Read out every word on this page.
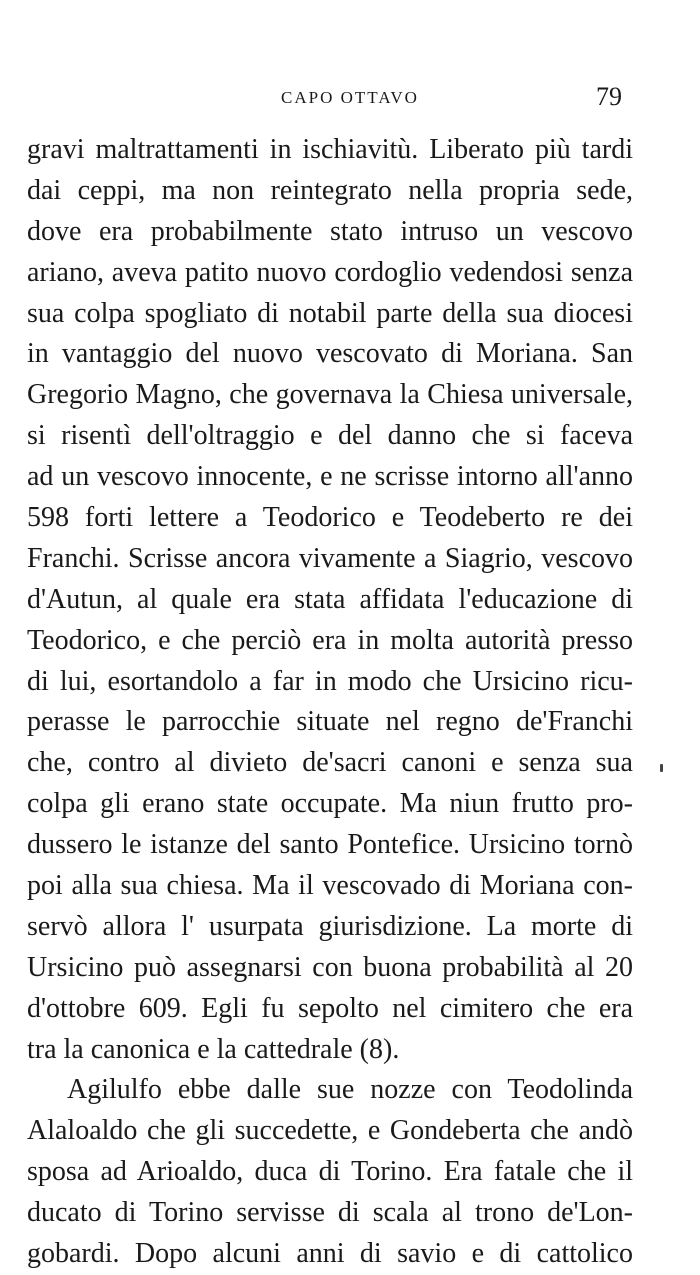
CAPO OTTAVO	79
gravi maltrattamenti in ischiavitù. Liberato più tardi
dai ceppi, ma non reintegrato nella propria sede,
dove era probabilmente stato intruso un vescovo
ariano, aveva patito nuovo cordoglio vedendosi senza
sua colpa spogliato di notabil parte della sua diocesi
in vantaggio del nuovo vescovato di Moriana. San
Gregorio Magno, che governava la Chiesa universale,
si risentì dell'oltraggio e del danno che si faceva
ad un vescovo innocente, e ne scrisse intorno all'anno
598 forti lettere a Teodorico e Teodeberto re dei
Franchi. Scrisse ancora vivamente a Siagrio, vescovo
d'Autun, al quale era stata affidata l'educazione di
Teodorico, e che perciò era in molta autorità presso
di lui, esortandolo a far in modo che Ursicino ricu-
perasse le parrocchie situate nel regno de'Franchi
che, contro al divieto de'sacri canoni e senza sua
colpa gli erano state occupate. Ma niun frutto pro-
dussero le istanze del santo Pontefice. Ursicino tornò
poi alla sua chiesa. Ma il vescovado di Moriana con-
servò allora l' usurpata giurisdizione. La morte di
Ursicino può assegnarsi con buona probabilità al 20
d'ottobre 609. Egli fu sepolto nel cimitero che era
tra la canonica e la cattedrale (8).
Agilulfo ebbe dalle sue nozze con Teodolinda
Alaloaldo che gli succedette, e Gondeberta che andò
sposa ad Arioaldo, duca di Torino. Era fatale che il
ducato di Torino servisse di scala al trono de'Lon-
gobardi. Dopo alcuni anni di savio e di cattolico
